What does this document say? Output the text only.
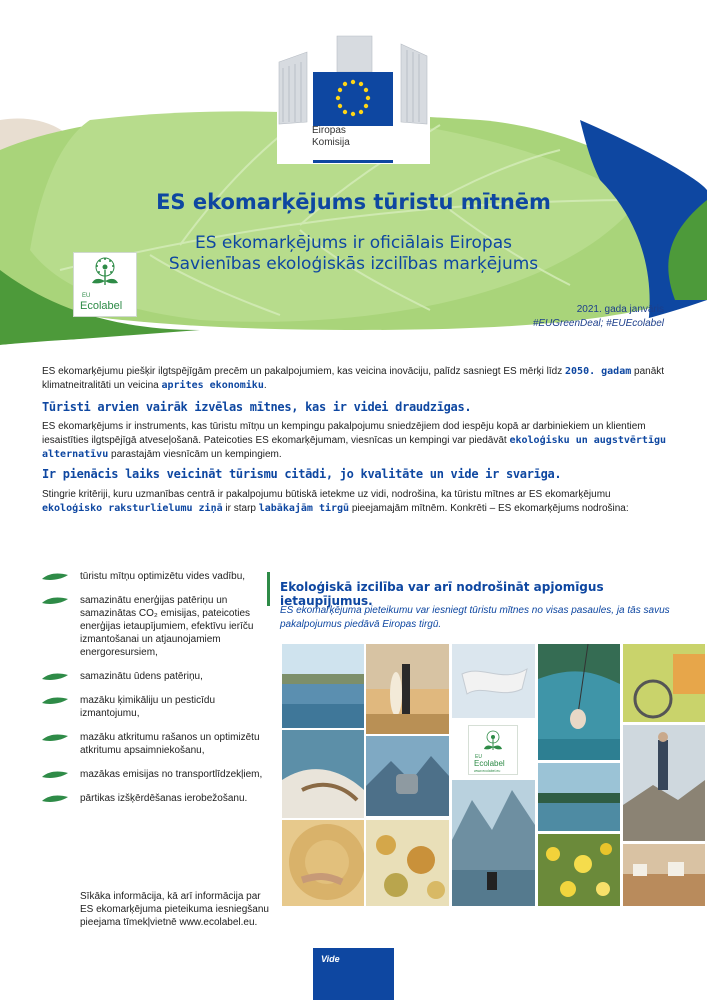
Eiropas
Komisija
ES ekomarķējums tūristu mītnēm
ES ekomarķējums ir oficiālais Eiropas
Savienības ekoloģiskās izcilības marķējums
EU
Ecolabel	2021. gada janvāris
#EUGreenDeal; #EUEcolabel
ES ekomarķējumu piešķir ilgtspējīgām precēm un pakalpojumiem, kas veicina inovāciju, palīdz sasniegt ES mērķi līdz 2050. gadam panākt klimatneitralitāti un veicina aprites ekonomiku.
Tūristi arvien vairāk izvēlas mītnes, kas ir videi draudzīgas.
ES ekomarķējums ir instruments, kas tūristu mītņu un kempingu pakalpojumu sniedzējiem dod iespēju kopā ar darbiniekiem un klientiem iesaistīties ilgtspējīgā atveseļošanā. Pateicoties ES ekomarķējumam, viesnīcas un kempingi var piedāvāt ekoloģisku un augstvērtīgu alternatīvu parastajām viesnīcām un kempingiem.
Ir pienācis laiks veicināt tūrismu citādi, jo kvalitāte un vide ir svarīga.
Stingrie kritēriji, kuru uzmanības centrā ir pakalpojumu būtiskā ietekme uz vidi, nodrošina, ka tūristu mītnes ar ES ekomarķējumu ekoloģisko raksturlielumu ziņā ir starp labākajām tirgū pieejamajām mītnēm. Konkrēti – ES ekomarķējums nodrošina:
tūristu mītņu optimizētu vides vadību,
samazinātu enerģijas patēriņu un samazinātas CO₂ emisijas, pateicoties enerģijas ietaupījumiem, efektīvu ierīču izmantošanai un atjaunojamiem energoresursiem,
samazinātu ūdens patēriņu,
mazāku ķimikāliju un pesticīdu izmantojumu,
mazāku atkritumu rašanos un optimizētu atkritumu apsaimniekošanu,
mazākas emisijas no transportlīdzekļiem,
pārtikas izšķērdēšanas ierobežošanu.
Sīkāka informācija, kā arī informācija par ES ekomarķējuma pieteikuma iesniegšanu pieejama tīmekļvietnē www.ecolabel.eu.
Ekoloģiskā izcilība var arī nodrošināt apjomīgus ietaupījumus.
ES ekomarķējuma pieteikumu var iesniegt tūristu mītnes no visas pasaules, ja tās savus pakalpojumus piedāvā Eiropas tirgū.
EU
Ecolabel
www.ecolabel.eu
Vide
